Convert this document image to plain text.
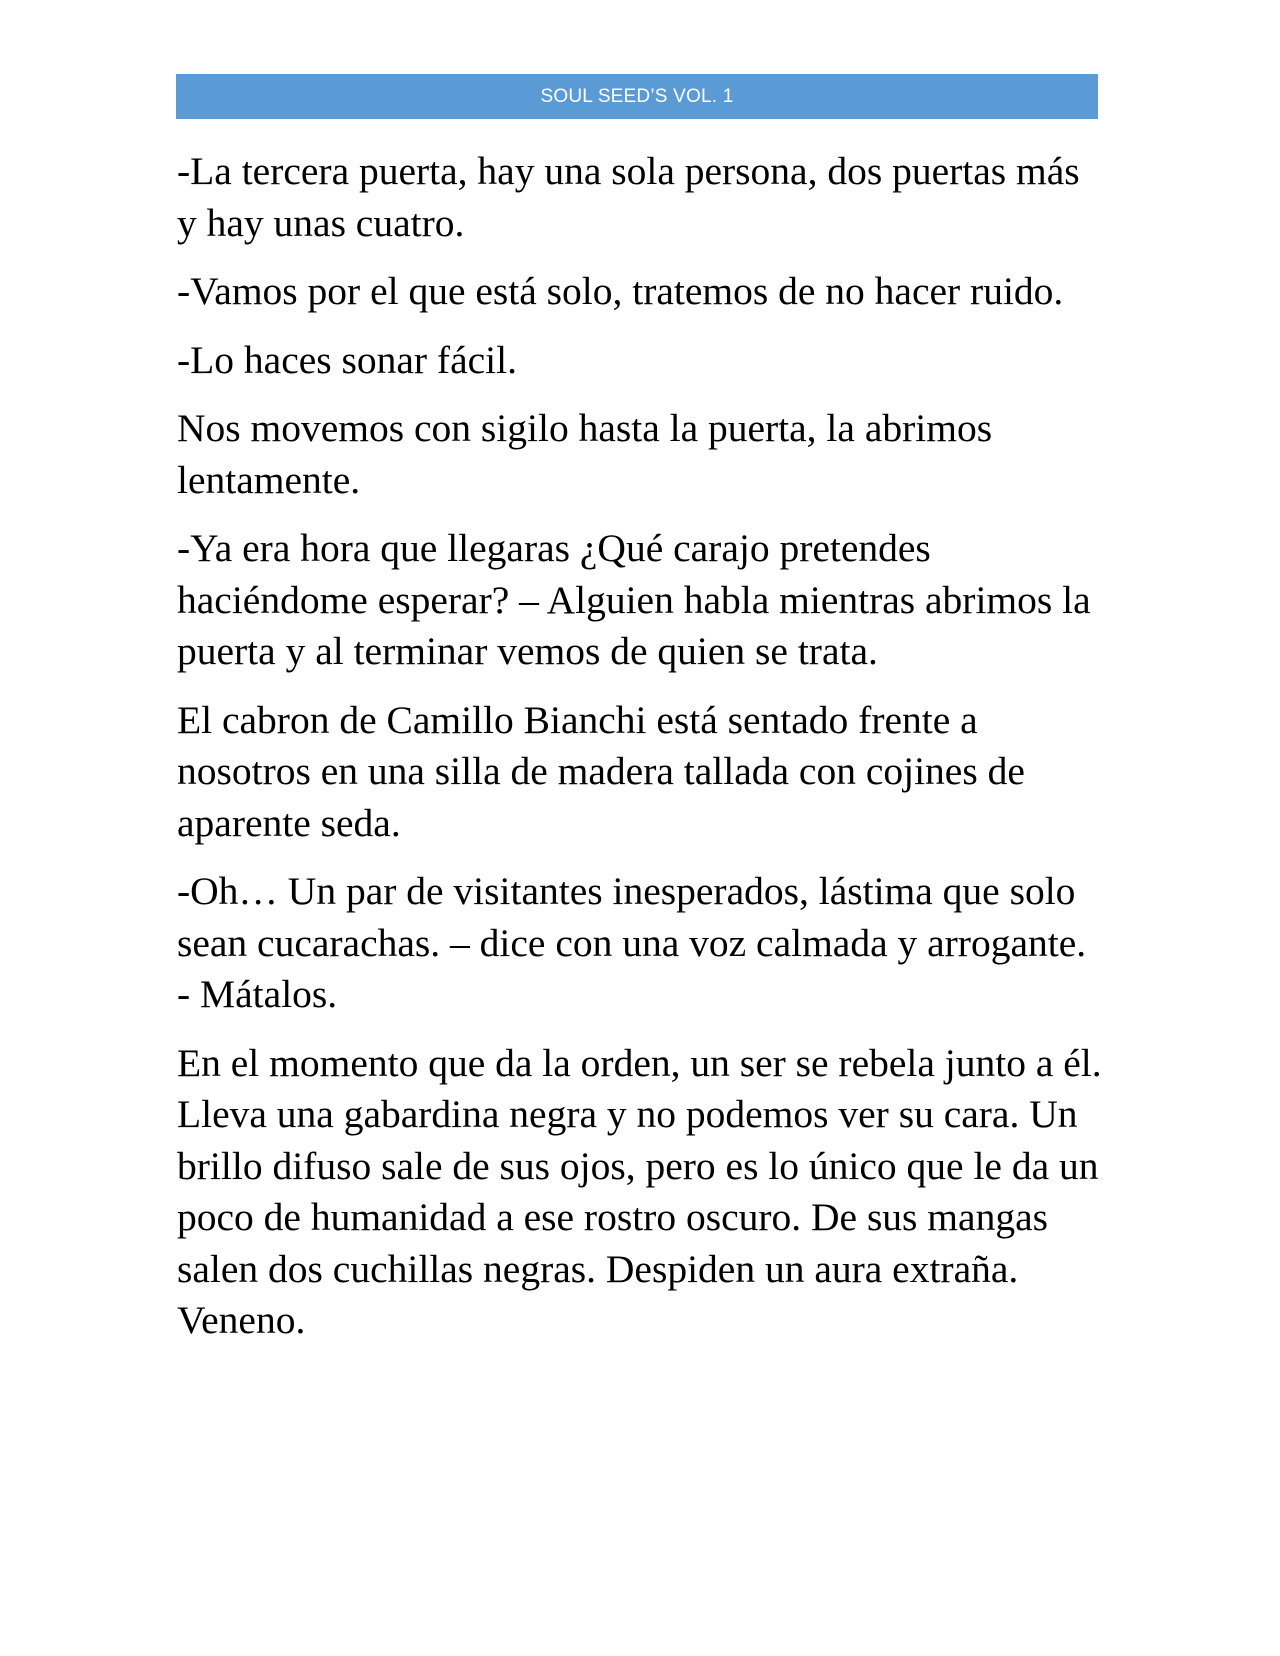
SOUL SEED’S VOL. 1

-La tercera puerta, hay una sola persona, dos puertas más y hay unas cuatro.

-Vamos por el que está solo, tratemos de no hacer ruido.

-Lo haces sonar fácil.

Nos movemos con sigilo hasta la puerta, la abrimos lentamente.

-Ya era hora que llegaras ¿Qué carajo pretendes haciéndome esperar? – Alguien habla mientras abrimos la puerta y al terminar vemos de quien se trata.

El cabron de Camillo Bianchi está sentado frente a nosotros en una silla de madera tallada con cojines de aparente seda.

-Oh… Un par de visitantes inesperados, lástima que solo sean cucarachas. – dice con una voz calmada y arrogante. - Mátalos.

En el momento que da la orden, un ser se rebela junto a él. Lleva una gabardina negra y no podemos ver su cara. Un brillo difuso sale de sus ojos, pero es lo único que le da un poco de humanidad a ese rostro oscuro. De sus mangas salen dos cuchillas negras. Despiden un aura extraña. Veneno.
